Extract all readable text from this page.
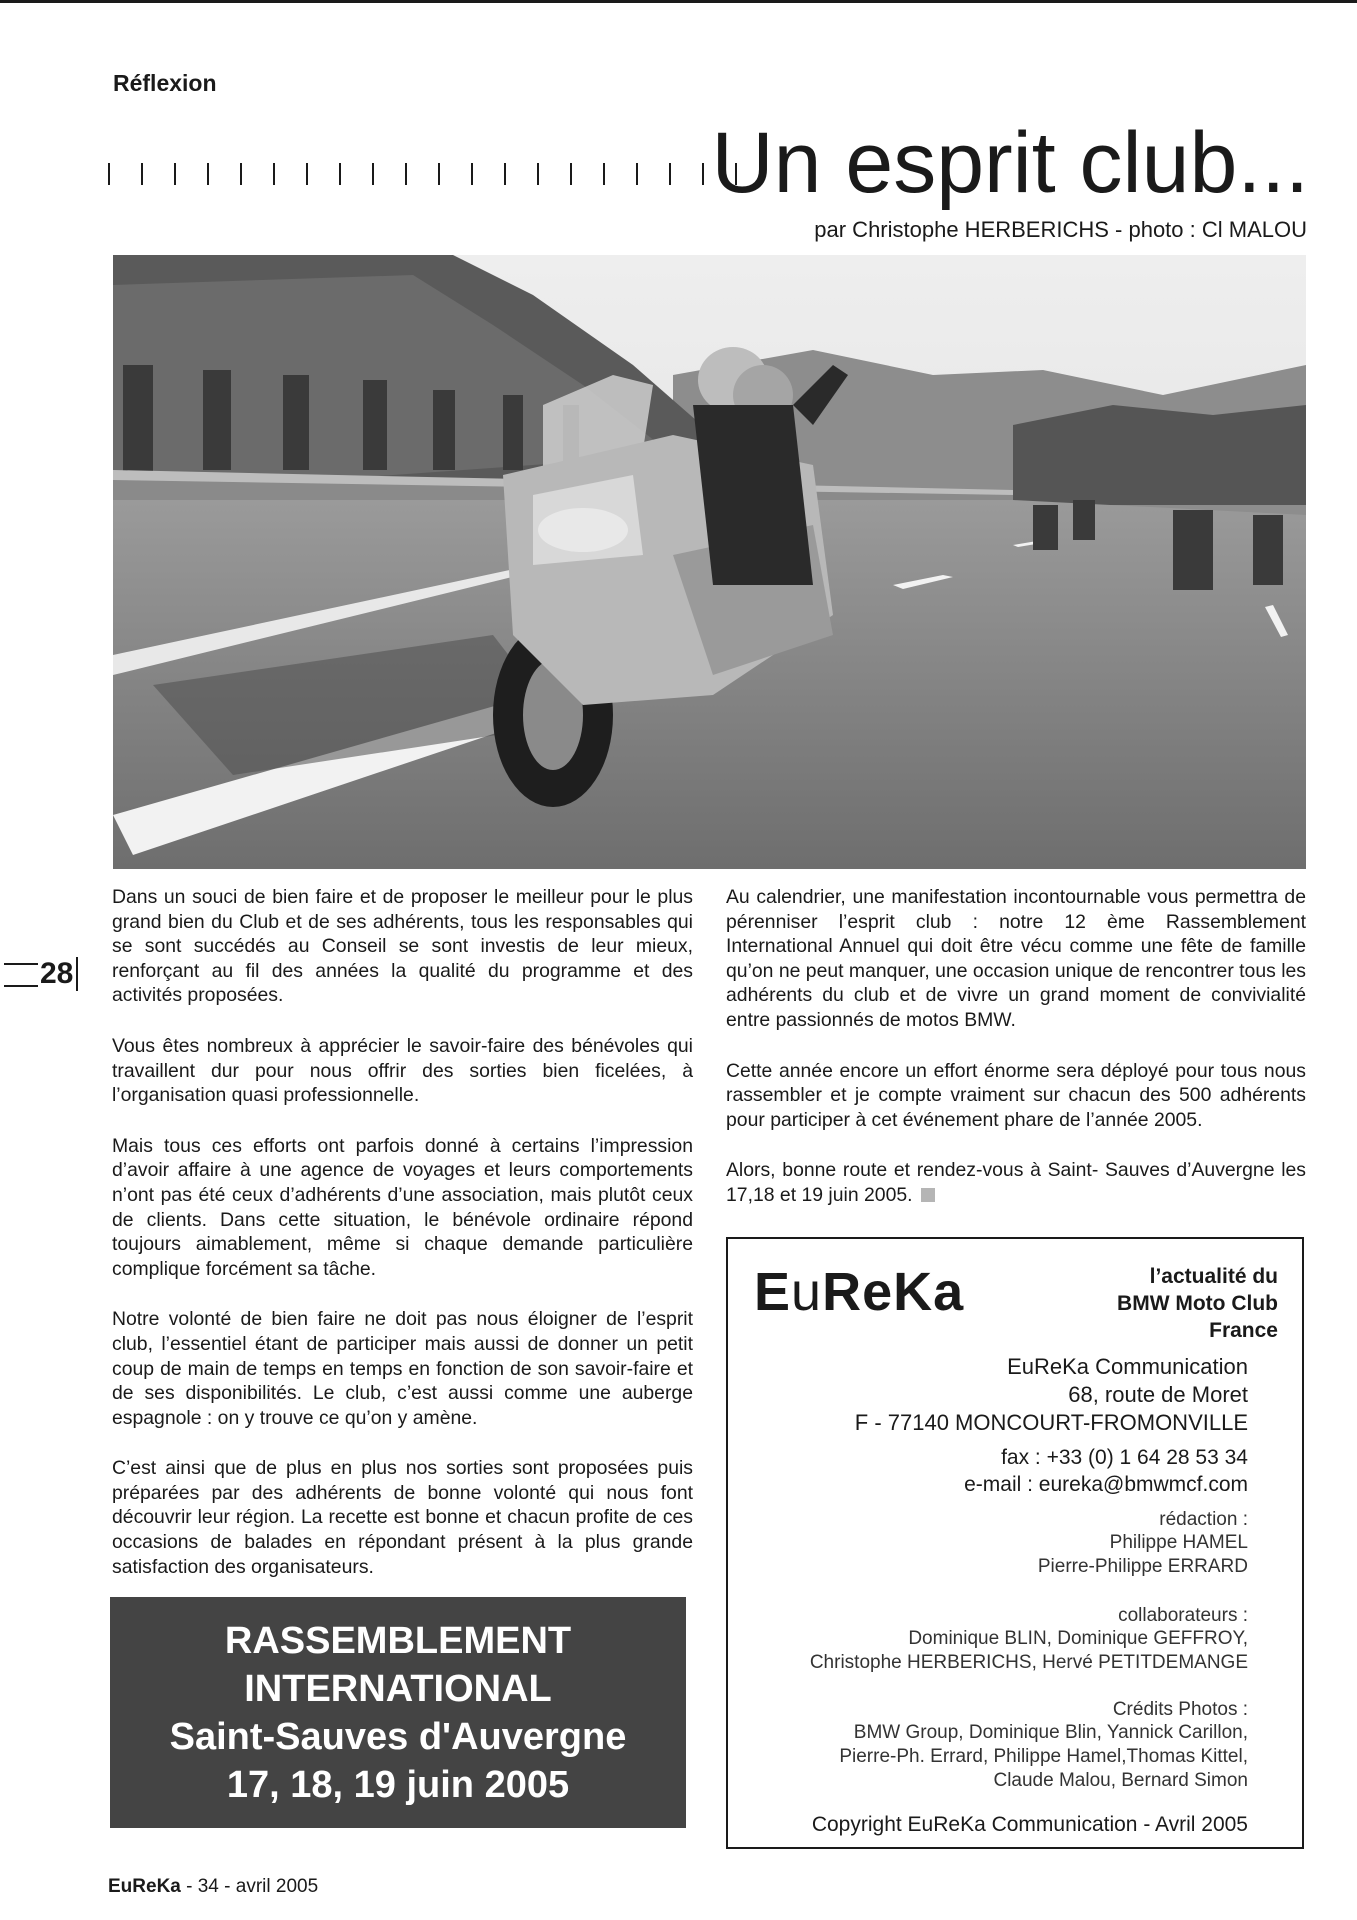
Réflexion
Un esprit club...
par Christophe HERBERICHS - photo : Cl MALOU
28

Dans un souci de bien faire et de proposer le meilleur pour le plus grand bien du Club et de ses adhérents, tous les responsables qui se sont succédés au Conseil se sont investis de leur mieux, renforçant au fil des années la qualité du programme et des activités proposées.

Vous êtes nombreux à apprécier le savoir-faire des bénévoles qui travaillent dur pour nous offrir des sorties bien ficelées, à l’organisation quasi professionnelle.

Mais tous ces efforts ont parfois donné à certains l’impression d’avoir affaire à une agence de voyages et leurs comportements n’ont pas été ceux d’adhérents d’une association, mais plutôt ceux de clients. Dans cette situation, le bénévole ordinaire répond toujours aimablement, même si chaque demande particulière complique forcément sa tâche.

Notre volonté de bien faire ne doit pas nous éloigner de l’esprit club, l’essentiel étant de participer mais aussi de donner un petit coup de main de temps en temps en fonction de son savoir-faire et de ses disponibilités. Le club, c’est aussi comme une auberge espagnole : on y trouve ce qu’on y amène.

C’est ainsi que de plus en plus nos sorties sont proposées puis préparées par des adhérents de bonne volonté qui nous font découvrir leur région. La recette est bonne et chacun profite de ces occasions de balades en répondant présent à la plus grande satisfaction des organisateurs.

Au calendrier, une manifestation incontournable vous permettra de pérenniser l’esprit club : notre 12 ème Rassemblement International Annuel qui doit être vécu comme une fête de famille qu’on ne peut manquer, une occasion unique de rencontrer tous les adhérents du club et de vivre un grand moment de convivialité entre passionnés de motos BMW.

Cette année encore un effort énorme sera déployé pour tous nous rassembler et je compte vraiment sur chacun des 500 adhérents pour participer à cet événement phare de l’année 2005.

Alors, bonne route et rendez-vous à Saint- Sauves d’Auvergne les 17,18 et 19 juin 2005.

RASSEMBLEMENT
INTERNATIONAL
Saint-Sauves d'Auvergne
17, 18, 19 juin 2005
EuReKa	l’actualité du
BMW Moto Club
France
EuReKa Communication
68, route de Moret
F - 77140 MONCOURT-FROMONVILLE
fax : +33 (0) 1 64 28 53 34
e-mail : eureka@bmwmcf.com
rédaction :
Philippe HAMEL
Pierre-Philippe ERRARD
collaborateurs :
Dominique BLIN, Dominique GEFFROY,
Christophe HERBERICHS, Hervé PETITDEMANGE
Crédits Photos :
BMW Group, Dominique Blin, Yannick Carillon,
Pierre-Ph. Errard, Philippe Hamel,Thomas Kittel,
Claude Malou, Bernard Simon
Copyright EuReKa Communication - Avril 2005
EuReKa - 34 - avril 2005
